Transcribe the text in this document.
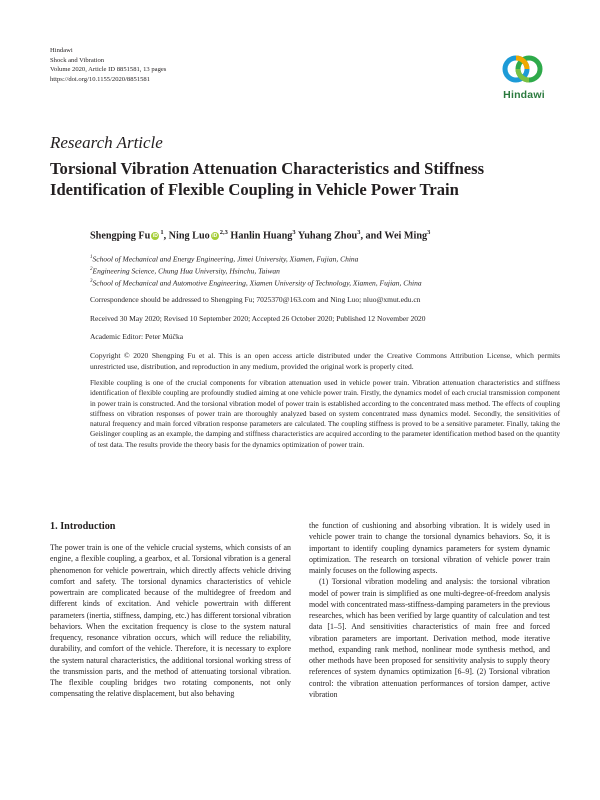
Hindawi
Shock and Vibration
Volume 2020, Article ID 8851581, 13 pages
https://doi.org/10.1155/2020/8851581
Hindawi
Research Article
Torsional Vibration Attenuation Characteristics and Stiffness Identification of Flexible Coupling in Vehicle Power Train
Shengping Fu $iD^1$, Ning Luo iD$^{2,3}$ Hanlin Huang$^3$ Yuhang Zhou$^3$, and Wei Ming$^3$
$^1$School of Mechanical and Energy Engineering, Jimei University, Xiamen, Fujian, China
$^2$Engineering Science, Chung Hua University, Hsinchu, Taiwan
$^3$School of Mechanical and Automotive Engineering, Xiamen University of Technology, Xiamen, Fujian, China
Correspondence should be addressed to Shengping Fu; 7025370@163.com and Ning Luo; nluo@xmut.edu.cn
Received 30 May 2020; Revised 10 September 2020; Accepted 26 October 2020; Published 12 November 2020
Academic Editor: Peter Múčka
Copyright © 2020 Shengping Fu et al. This is an open access article distributed under the Creative Commons Attribution License, which permits unrestricted use, distribution, and reproduction in any medium, provided the original work is properly cited.
Flexible coupling is one of the crucial components for vibration attenuation used in vehicle power train. Vibration attenuation characteristics and stiffness identification of flexible coupling are profoundly studied aiming at one vehicle power train. Firstly, the dynamics model of each crucial transmission component in power train is constructed. And the torsional vibration model of power train is established according to the concentrated mass method. The effects of coupling stiffness on vibration responses of power train are thoroughly analyzed based on system concentrated mass dynamics model. Secondly, the sensitivities of natural frequency and main forced vibration response parameters are calculated. The coupling stiffness is proved to be a sensitive parameter. Finally, taking the Geislinger coupling as an example, the damping and stiffness characteristics are acquired according to the parameter identification method based on the quantity of test data. The results provide the theory basis for the dynamics optimization of power train.
1. Introduction

The power train is one of the vehicle crucial systems, which consists of an engine, a flexible coupling, a gearbox, et al. Torsional vibration is a general phenomenon for vehicle powertrain, which directly affects vehicle driving comfort and safety. The torsional dynamics characteristics of vehicle powertrain are complicated because of the multidegree of freedom and different kinds of excitation. And vehicle powertrain with different parameters (inertia, stiffness, damping, etc.) has different torsional vibration behaviors. When the excitation frequency is close to the system natural frequency, resonance vibration occurs, which will reduce the reliability, durability, and comfort of the vehicle. Therefore, it is necessary to explore the system natural characteristics, the additional torsional working stress of the transmission parts, and the method of attenuating torsional vibration. The flexible coupling bridges two rotating components, not only compensating the relative displacement, but also behaving

the function of cushioning and absorbing vibration. It is widely used in vehicle power train to change the torsional dynamics behaviors. So, it is important to identify coupling dynamics parameters for system dynamic optimization. The research on torsional vibration of vehicle power train mainly focuses on the following aspects.

(1) Torsional vibration modeling and analysis: the torsional vibration model of power train is simplified as one multi-degree-of-freedom analysis model with concentrated mass-stiffness-damping parameters in the previous researches, which has been verified by large quantity of calculation and test data [1–5]. And sensitivities characteristics of main free and forced vibration parameters are important. Derivation method, mode iterative method, expanding rank method, nonlinear mode synthesis method, and other methods have been proposed for sensitivity analysis to supply theory references of system dynamics optimization [6–9]. (2) Torsional vibration control: the vibration attenuation performances of torsion damper, active vibration
